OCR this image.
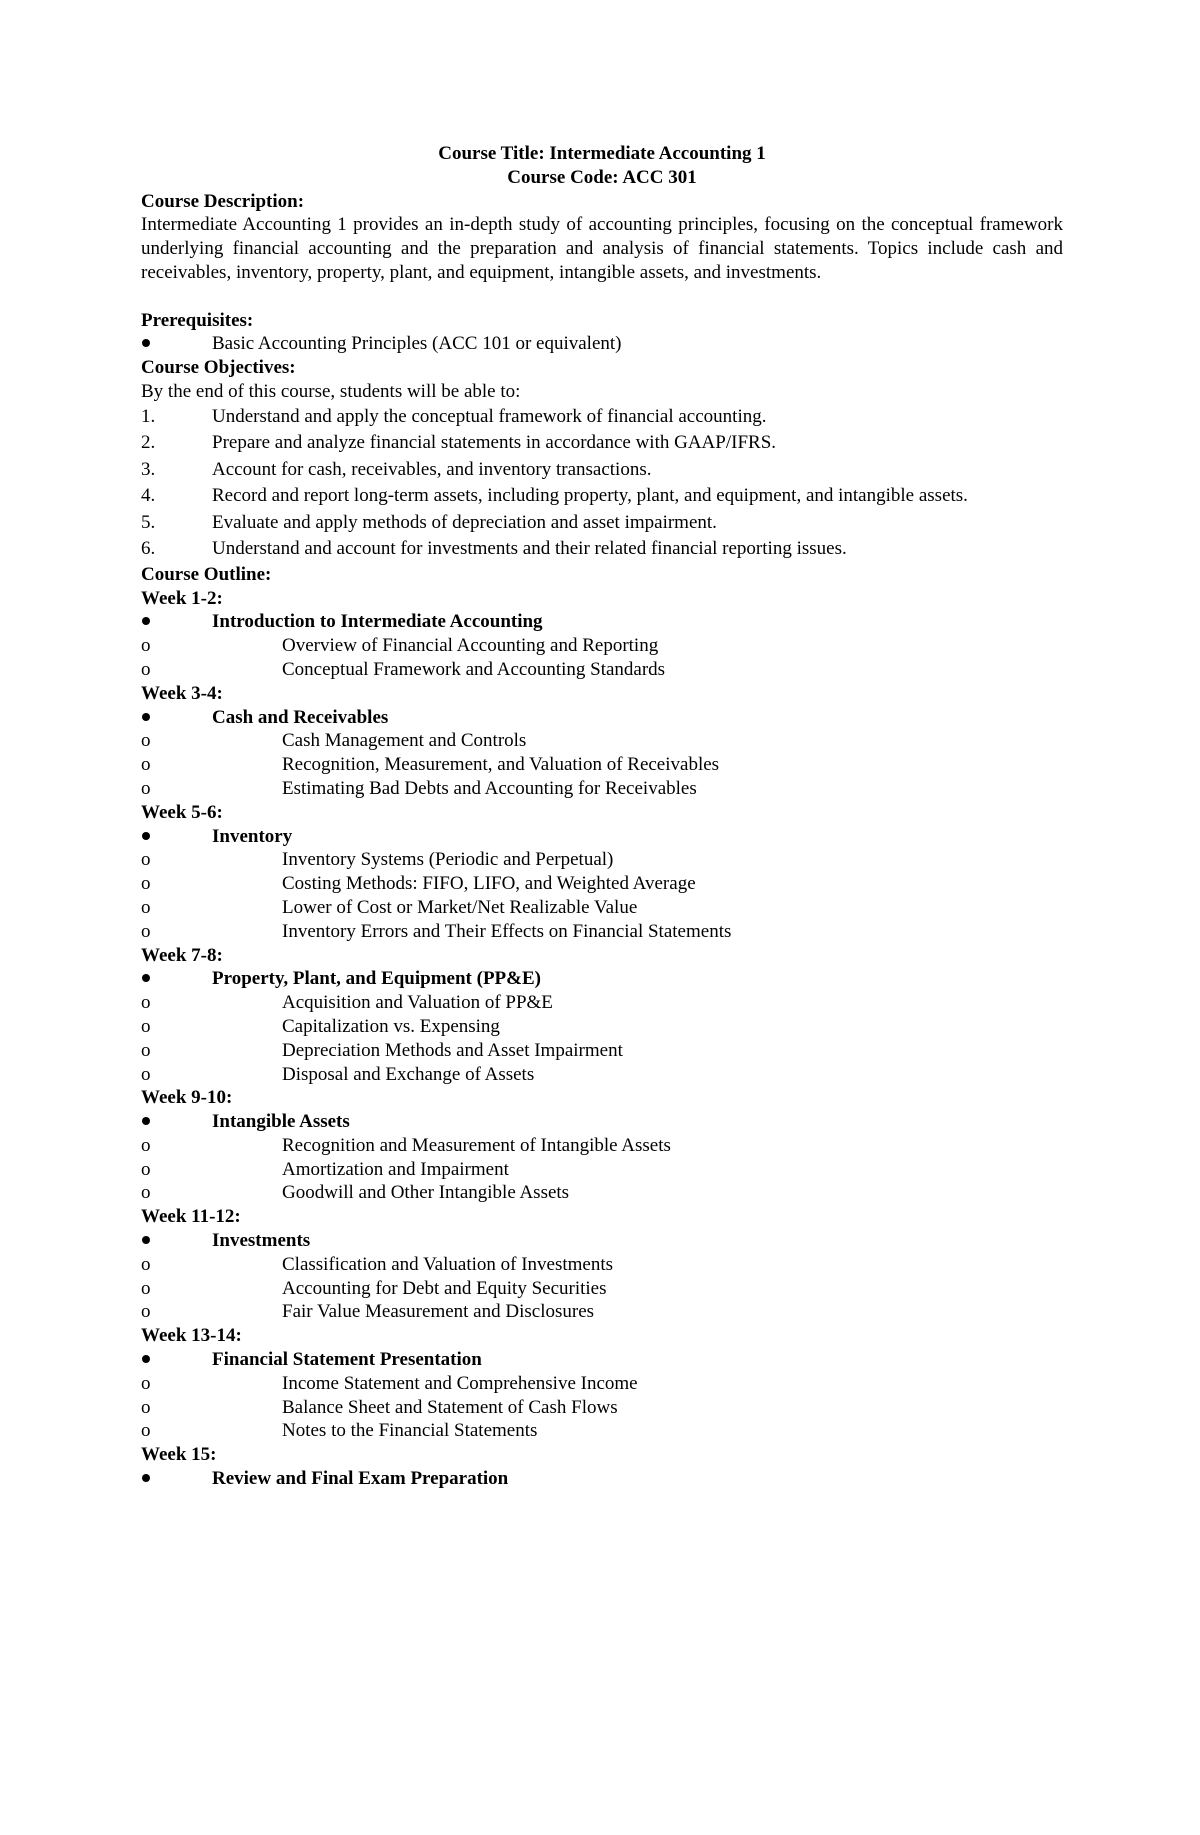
Course Title: Intermediate Accounting 1
Course Code: ACC 301
Course Description:
Intermediate Accounting 1 provides an in-depth study of accounting principles, focusing on the conceptual framework underlying financial accounting and the preparation and analysis of financial statements. Topics include cash and receivables, inventory, property, plant, and equipment, intangible assets, and investments.
Prerequisites:
Basic Accounting Principles (ACC 101 or equivalent)
Course Objectives:
By the end of this course, students will be able to:
1.	Understand and apply the conceptual framework of financial accounting.
2.	Prepare and analyze financial statements in accordance with GAAP/IFRS.
3.	Account for cash, receivables, and inventory transactions.
4.	Record and report long-term assets, including property, plant, and equipment, and intangible assets.
5.	Evaluate and apply methods of depreciation and asset impairment.
6.	Understand and account for investments and their related financial reporting issues.
Course Outline:
Week 1-2:
Introduction to Intermediate Accounting
o	Overview of Financial Accounting and Reporting
o	Conceptual Framework and Accounting Standards
Week 3-4:
Cash and Receivables
o	Cash Management and Controls
o	Recognition, Measurement, and Valuation of Receivables
o	Estimating Bad Debts and Accounting for Receivables
Week 5-6:
Inventory
o	Inventory Systems (Periodic and Perpetual)
o	Costing Methods: FIFO, LIFO, and Weighted Average
o	Lower of Cost or Market/Net Realizable Value
o	Inventory Errors and Their Effects on Financial Statements
Week 7-8:
Property, Plant, and Equipment (PP&E)
o	Acquisition and Valuation of PP&E
o	Capitalization vs. Expensing
o	Depreciation Methods and Asset Impairment
o	Disposal and Exchange of Assets
Week 9-10:
Intangible Assets
o	Recognition and Measurement of Intangible Assets
o	Amortization and Impairment
o	Goodwill and Other Intangible Assets
Week 11-12:
Investments
o	Classification and Valuation of Investments
o	Accounting for Debt and Equity Securities
o	Fair Value Measurement and Disclosures
Week 13-14:
Financial Statement Presentation
o	Income Statement and Comprehensive Income
o	Balance Sheet and Statement of Cash Flows
o	Notes to the Financial Statements
Week 15:
Review and Final Exam Preparation
